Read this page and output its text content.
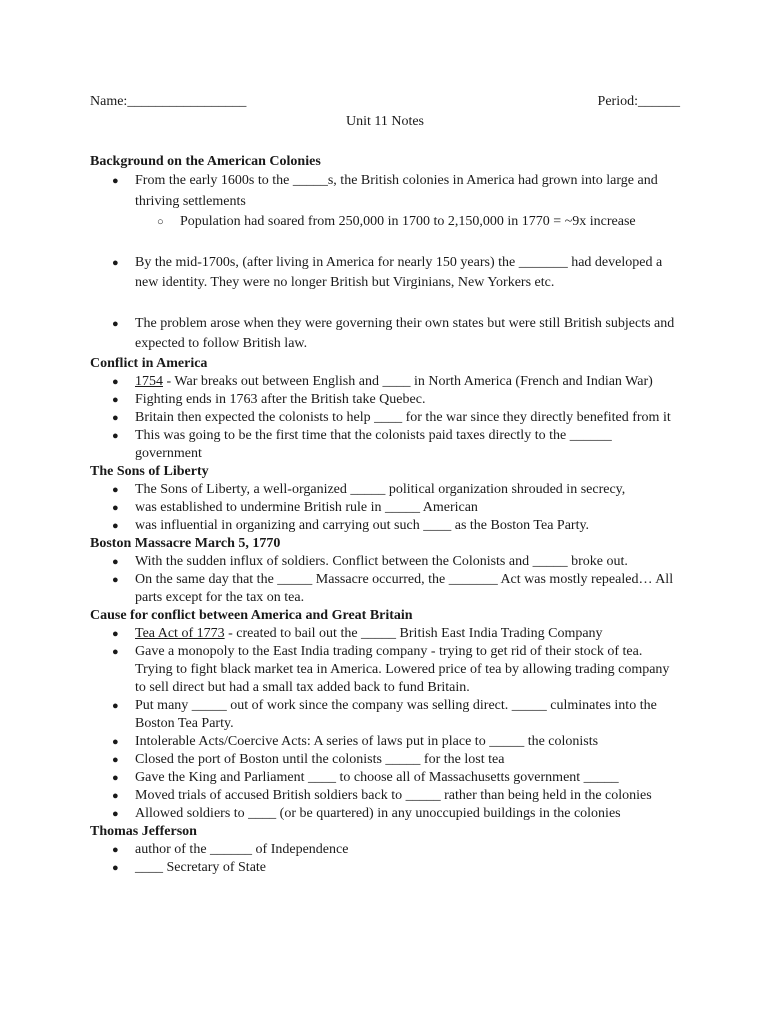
Name:_________________	Period:______
Unit 11 Notes
Background on the American Colonies
● From the early 1600s to the _____s, the British colonies in America had grown into large and thriving settlements
○ Population had soared from 250,000 in 1700 to 2,150,000 in 1770 = ~9x increase
● By the mid-1700s, (after living in America for nearly 150 years) the _______ had developed a new identity. They were no longer British but Virginians, New Yorkers etc.
● The problem arose when they were governing their own states but were still British subjects and expected to follow British law.
Conflict in America
● 1754 - War breaks out between English and ____ in North America (French and Indian War)
● Fighting ends in 1763 after the British take Quebec.
● Britain then expected the colonists to help ____ for the war since they directly benefited from it
● This was going to be the first time that the colonists paid taxes directly to the ______ government
The Sons of Liberty
● The Sons of Liberty, a well-organized _____ political organization shrouded in secrecy,
● was established to undermine British rule in _____ American
● was influential in organizing and carrying out such ____ as the Boston Tea Party.
Boston Massacre March 5, 1770
● With the sudden influx of soldiers. Conflict between the Colonists and _____ broke out.
● On the same day that the _____ Massacre occurred, the _______ Act was mostly repealed… All parts except for the tax on tea.
Cause for conflict between America and Great Britain
● Tea Act of 1773 - created to bail out the _____ British East India Trading Company
● Gave a monopoly to the East India trading company - trying to get rid of their stock of tea. Trying to fight black market tea in America. Lowered price of tea by allowing trading company to sell direct but had a small tax added back to fund Britain.
● Put many _____ out of work since the company was selling direct. _____ culminates into the Boston Tea Party.
● Intolerable Acts/Coercive Acts: A series of laws put in place to _____ the colonists
● Closed the port of Boston until the colonists _____ for the lost tea
● Gave the King and Parliament ____ to choose all of Massachusetts government _____
● Moved trials of accused British soldiers back to _____ rather than being held in the colonies
● Allowed soldiers to ____ (or be quartered) in any unoccupied buildings in the colonies
Thomas Jefferson
● author of the ______ of Independence
● ____ Secretary of State
